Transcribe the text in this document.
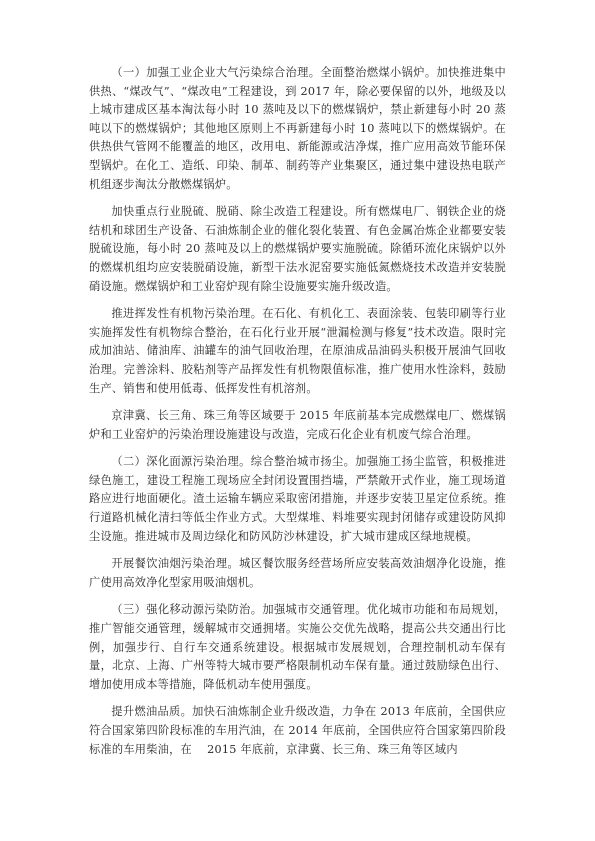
（一）加强工业企业大气污染综合治理。全面整治燃煤小锅炉。加快推进集中供热、“煤改气”、“煤改电”工程建设，到 2017 年，除必要保留的以外，地级及以上城市建成区基本淘汰每小时 10 蒸吨及以下的燃煤锅炉，禁止新建每小时 20 蒸吨以下的燃煤锅炉；其他地区原则上不再新建每小时 10 蒸吨以下的燃煤锅炉。在供热供气管网不能覆盖的地区，改用电、新能源或洁净煤，推广应用高效节能环保型锅炉。在化工、造纸、印染、制革、制药等产业集聚区，通过集中建设热电联产机组逐步淘汰分散燃煤锅炉。

加快重点行业脱硫、脱硝、除尘改造工程建设。所有燃煤电厂、钢铁企业的烧结机和球团生产设备、石油炼制企业的催化裂化装置、有色金属冶炼企业都要安装脱硫设施，每小时 20 蒸吨及以上的燃煤锅炉要实施脱硫。除循环流化床锅炉以外的燃煤机组均应安装脱硝设施，新型干法水泥窑要实施低氮燃烧技术改造并安装脱硝设施。燃煤锅炉和工业窑炉现有除尘设施要实施升级改造。

推进挥发性有机物污染治理。在石化、有机化工、表面涂装、包装印刷等行业实施挥发性有机物综合整治，在石化行业开展“泄漏检测与修复”技术改造。限时完成加油站、储油库、油罐车的油气回收治理，在原油成品油码头积极开展油气回收治理。完善涂料、胶粘剂等产品挥发性有机物限值标准，推广使用水性涂料，鼓励生产、销售和使用低毒、低挥发性有机溶剂。

京津冀、长三角、珠三角等区域要于 2015 年底前基本完成燃煤电厂、燃煤锅炉和工业窑炉的污染治理设施建设与改造，完成石化企业有机废气综合治理。

（二）深化面源污染治理。综合整治城市扬尘。加强施工扬尘监管，积极推进绿色施工，建设工程施工现场应全封闭设置围挡墙，严禁敞开式作业，施工现场道路应进行地面硬化。渣土运输车辆应采取密闭措施，并逐步安装卫星定位系统。推行道路机械化清扫等低尘作业方式。大型煤堆、料堆要实现封闭储存或建设防风抑尘设施。推进城市及周边绿化和防风防沙林建设，扩大城市建成区绿地规模。

开展餐饮油烟污染治理。城区餐饮服务经营场所应安装高效油烟净化设施，推广使用高效净化型家用吸油烟机。

（三）强化移动源污染防治。加强城市交通管理。优化城市功能和布局规划，推广智能交通管理，缓解城市交通拥堵。实施公交优先战略，提高公共交通出行比例，加强步行、自行车交通系统建设。根据城市发展规划，合理控制机动车保有量，北京、上海、广州等特大城市要严格限制机动车保有量。通过鼓励绿色出行、增加使用成本等措施，降低机动车使用强度。

提升燃油品质。加快石油炼制企业升级改造，力争在 2013 年底前，全国供应符合国家第四阶段标准的车用汽油，在 2014 年底前，全国供应符合国家第四阶段标准的车用柴油，在　 2015 年底前，京津冀、长三角、珠三角等区域内
